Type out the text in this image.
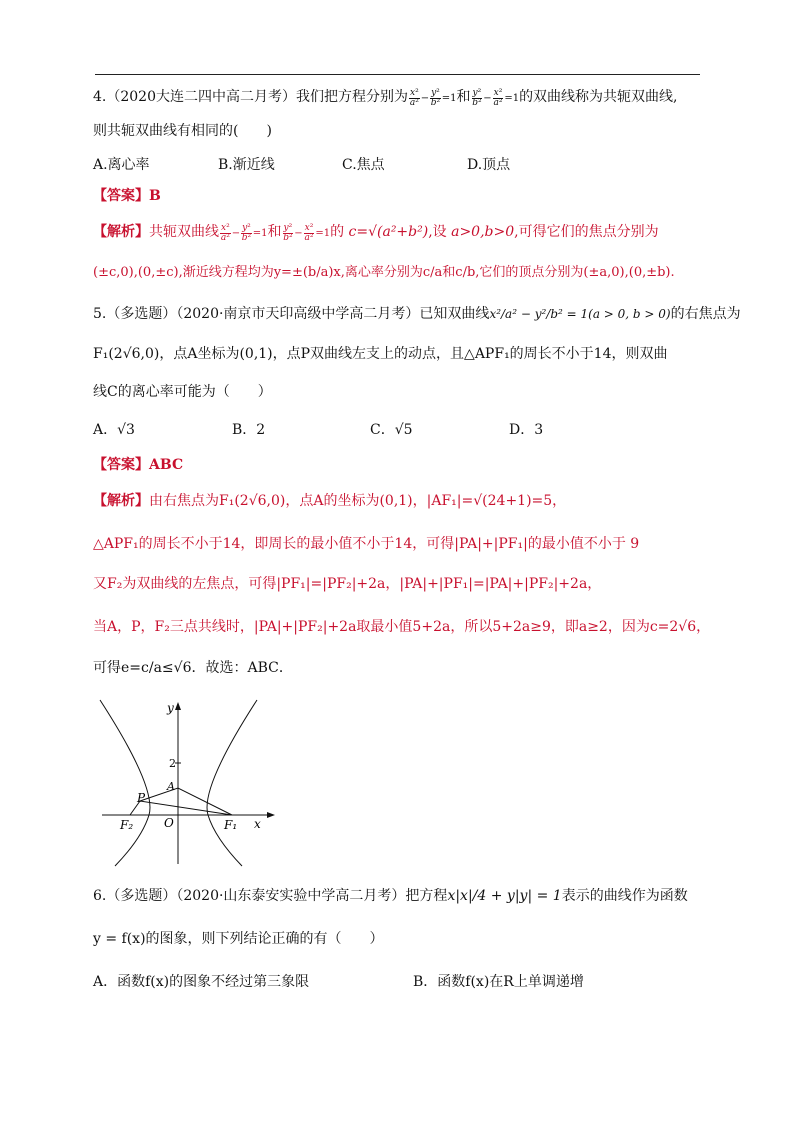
4.（2020大连二四中高二月考）我们把方程分别为 $\frac{\text{x²}}{\text{a²}} - \frac{\text{y²}}{\text{b²}} =1$和 $\frac{\text{y²}}{\text{b²}} - \frac{\text{x²}}{\text{a²}} =1$的双曲线称为共轭双曲线,
则共轭双曲线有相同的(　　)
A.离心率	B.渐近线	C.焦点	D.顶点
【答案】B
【解析】共轭双曲线 $\frac{\text{x²}}{\text{a²}} - \frac{\text{y²}}{\text{b²}} =1$和 $\frac{\text{y²}}{\text{b²}} - \frac{\text{x²}}{\text{a²}} =1$的 c=√(a²+b²),设 a>0,b>0,可得它们的焦点分别为
(±c,0),(0,±c),渐近线方程均为y=±(b/a)x,离心率分别为c/a和c/b,它们的顶点分别为(±a,0),(0,±b).
5.（多选题）（2020·南京市天印高级中学高二月考）已知双曲线x²/a² − y²/b² = 1(a > 0, b > 0)的右焦点为
F₁(2√6,0)，点A坐标为(0,1)，点P双曲线左支上的动点，且△APF₁的周长不小于14，则双曲
线C的离心率可能为（　　）
A．√3	B．2	C．√5	D．3
【答案】ABC
【解析】由右焦点为F₁(2√6,0)，点A的坐标为(0,1)，|AF₁|=√(24+1)=5，
△APF₁的周长不小于14，即周长的最小值不小于14，可得|PA|+|PF₁|的最小值不小于 9
又F₂为双曲线的左焦点，可得|PF₁|=|PF₂|+2a，|PA|+|PF₁|=|PA|+|PF₂|+2a，
当A，P，F₂三点共线时，|PA|+|PF₂|+2a取最小值5+2a，所以5+2a≥9，即a≥2，因为c=2√6，
可得e=c/a≤√6．故选：ABC．
y
x
2
A
P
O
F₂	F₁
6.（多选题）（2020·山东泰安实验中学高二月考）把方程x|x|/4 + y|y| = 1表示的曲线作为函数
y = f(x)的图象，则下列结论正确的有（　　）
A．函数f(x)的图象不经过第三象限	B．函数f(x)在R上单调递增
